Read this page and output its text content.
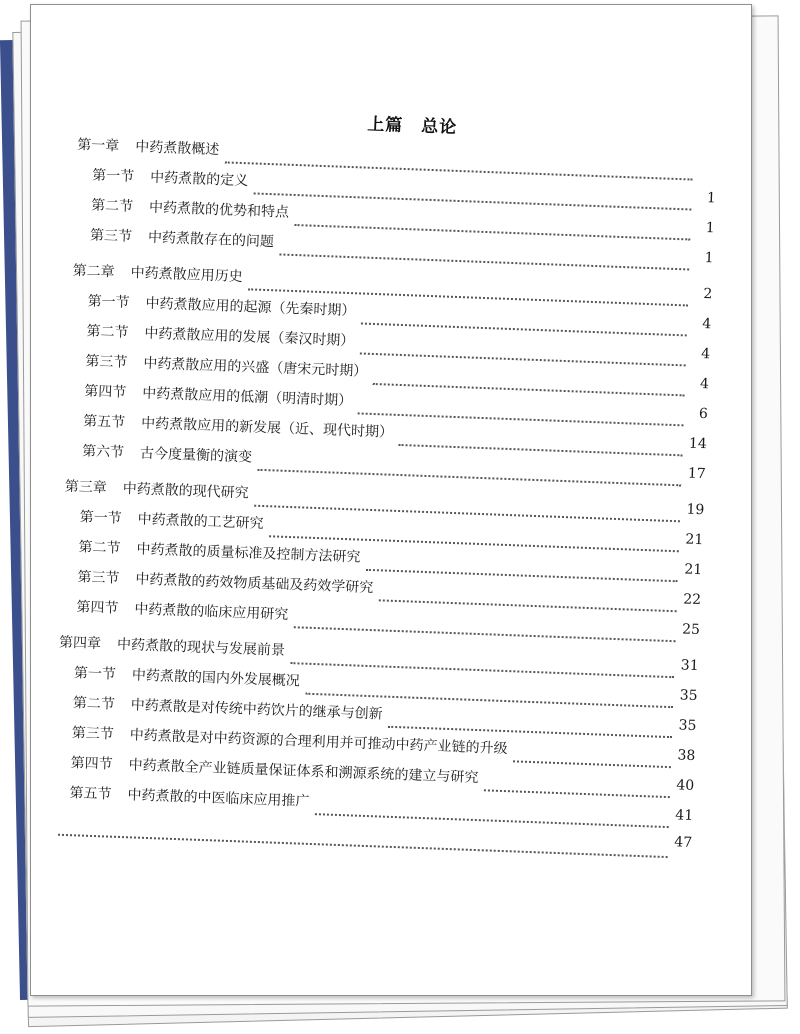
上篇　总论
第一章 中药煮散概述
第一节 中药煮散的定义
1
第二节 中药煮散的优势和特点
1
第三节 中药煮散存在的问题
1
第二章 中药煮散应用历史
2
第一节 中药煮散应用的起源（先秦时期）
4
第二节 中药煮散应用的发展（秦汉时期）
4
第三节 中药煮散应用的兴盛（唐宋元时期）
4
第四节 中药煮散应用的低潮（明清时期）
6
第五节 中药煮散应用的新发展（近、现代时期）
14
第六节 古今度量衡的演变
17
第三章 中药煮散的现代研究
19
第一节 中药煮散的工艺研究
21
第二节 中药煮散的质量标准及控制方法研究
21
第三节 中药煮散的药效物质基础及药效学研究
22
第四节 中药煮散的临床应用研究
25
第四章 中药煮散的现状与发展前景
31
第一节 中药煮散的国内外发展概况
35
第二节 中药煮散是对传统中药饮片的继承与创新
35
第三节 中药煮散是对中药资源的合理利用并可推动中药产业链的升级	38
第四节 中药煮散全产业链质量保证体系和溯源系统的建立与研究	40
第五节 中药煮散的中医临床应用推广
41
47
